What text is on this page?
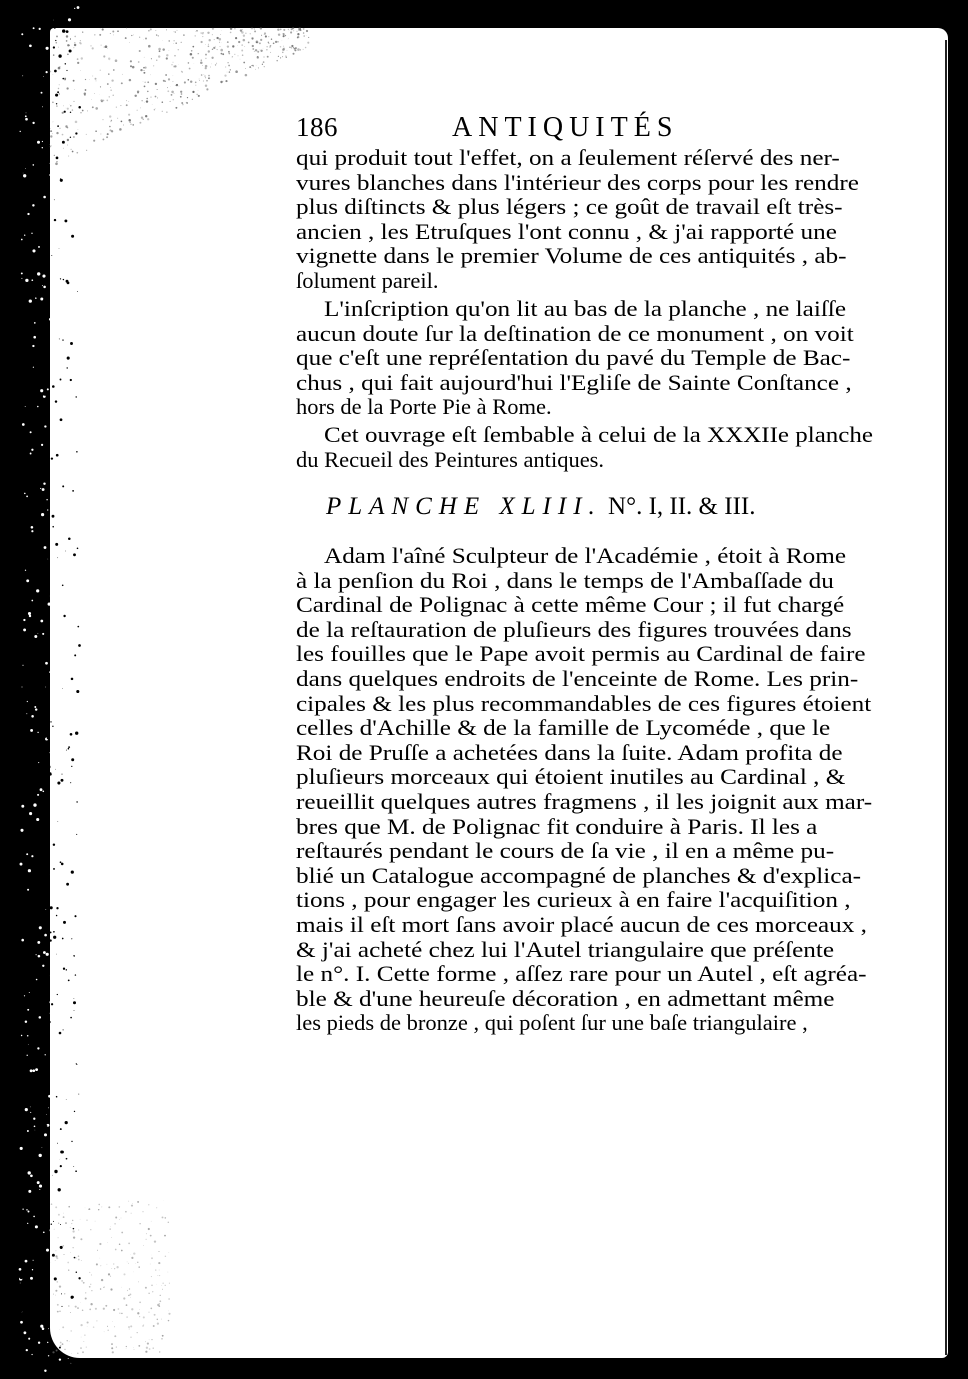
186	ANTIQUITÉS
qui produit tout l'effet, on a ſeulement réſervé des ner-
vures blanches dans l'intérieur des corps pour les rendre
plus diſtincts & plus légers ; ce goût de travail eſt très-
ancien , les Etruſques l'ont connu , & j'ai rapporté une
vignette dans le premier Volume de ces antiquités , ab-
ſolument pareil.
L'inſcription qu'on lit au bas de la planche , ne laiſſe
aucun doute ſur la deſtination de ce monument , on voit
que c'eſt une repréſentation du pavé du Temple de Bac-
chus , qui fait aujourd'hui l'Egliſe de Sainte Conſtance ,
hors de la Porte Pie à Rome.
Cet ouvrage eſt ſembable à celui de la XXXIIe planche
du Recueil des Peintures antiques.
Adam l'aîné Sculpteur de l'Académie , étoit à Rome
à la penſion du Roi , dans le temps de l'Ambaſſade du
Cardinal de Polignac à cette même Cour ; il fut chargé
de la reſtauration de pluſieurs des figures trouvées dans
les fouilles que le Pape avoit permis au Cardinal de faire
dans quelques endroits de l'enceinte de Rome. Les prin-
cipales & les plus recommandables de ces figures étoient
celles d'Achille & de la famille de Lycoméde , que le
Roi de Pruſſe a achetées dans la ſuite. Adam profita de
pluſieurs morceaux qui étoient inutiles au Cardinal , &
reueillit quelques autres fragmens , il les joignit aux mar-
bres que M. de Polignac fit conduire à Paris. Il les a
reſtaurés pendant le cours de ſa vie , il en a même pu-
blié un Catalogue accompagné de planches & d'explica-
tions , pour engager les curieux à en faire l'acquiſition ,
mais il eſt mort ſans avoir placé aucun de ces morceaux ,
& j'ai acheté chez lui l'Autel triangulaire que préſente
le n°. I. Cette forme , aſſez rare pour un Autel , eſt agréa-
ble & d'une heureuſe décoration , en admettant même
les pieds de bronze , qui poſent ſur une baſe triangulaire ,
PLANCHE XLIII. N°. I, II. & III.
